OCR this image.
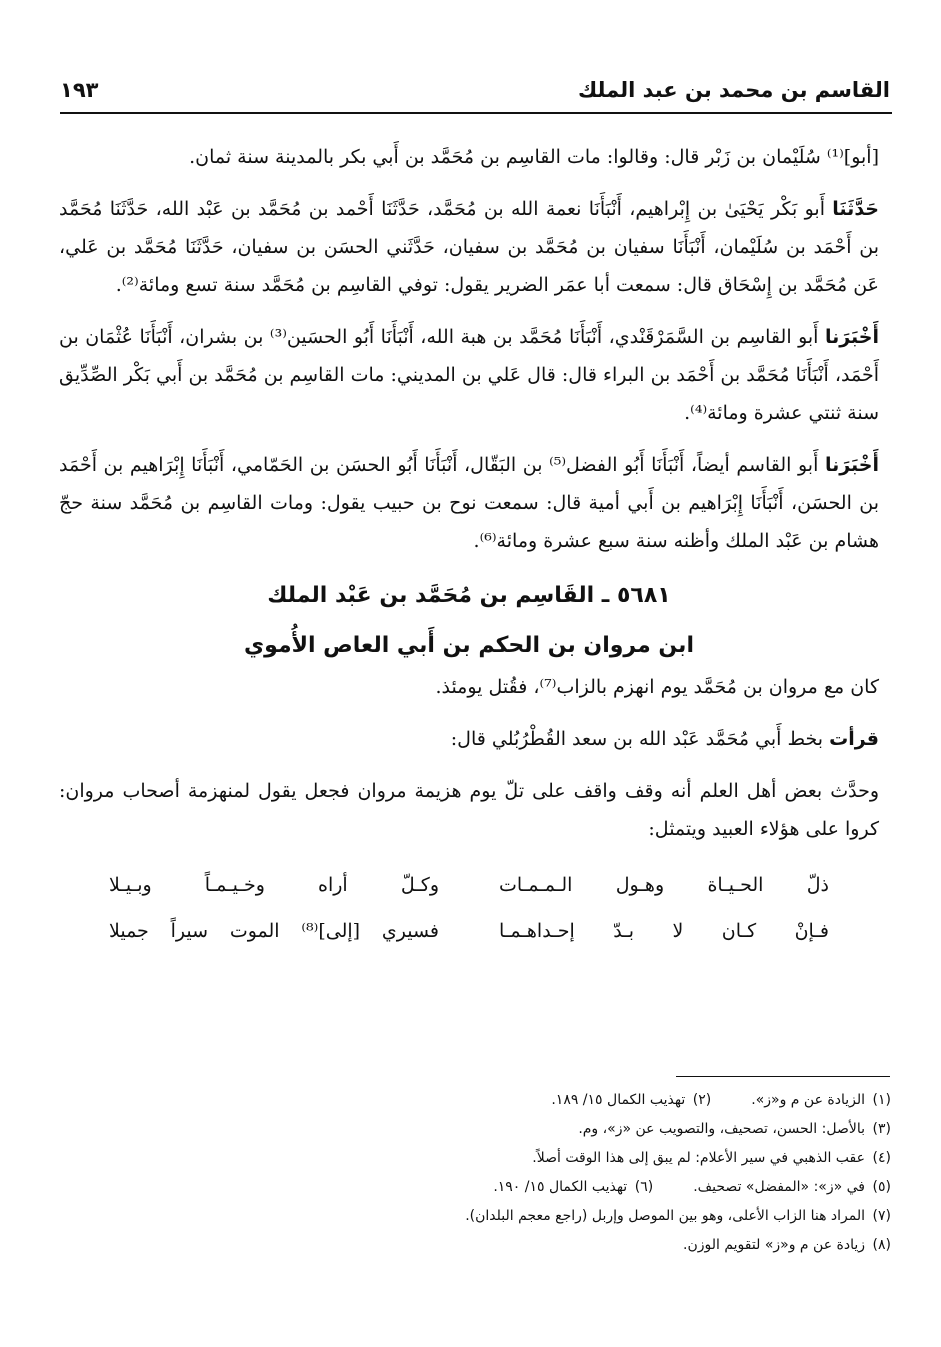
القاسم بن محمد بن عبد الملك
١٩٣

[أبو]⁽¹⁾ سُلَيْمان بن زَبْر قال: وقالوا: مات القاسِم بن مُحَمَّد بن أَبي بكر بالمدينة سنة ثمان.

حَدَّثَنَا أَبو بَكْر يَحْيَىٰ بن إِبْراهيم، أَنْبَأَنَا نعمة الله بن مُحَمَّد، حَدَّثَنَا أَحْمد بن مُحَمَّد بن عَبْد الله، حَدَّثَنَا مُحَمَّد بن أَحْمَد بن سُلَيْمان، أَنْبَأَنَا سفيان بن مُحَمَّد بن سفيان، حَدَّثَني الحسَن بن سفيان، حَدَّثَنَا مُحَمَّد بن عَلي، عَن مُحَمَّد بن إِسْحَاق قال: سمعت أبا عمَر الضرير يقول: توفي القاسِم بن مُحَمَّد سنة تسع ومائة⁽²⁾.

أَخْبَرَنا أَبو القاسِم بن السَّمَرْقَنْدي، أَنْبَأَنَا مُحَمَّد بن هبة الله، أَنْبَأَنَا أَبُو الحسَين⁽³⁾ بن بشران، أَنْبَأَنَا عُثْمَان بن أَحْمَد، أَنْبَأَنَا مُحَمَّد بن أَحْمَد بن البراء قال: قال عَلي بن المديني: مات القاسِم بن مُحَمَّد بن أَبي بَكْر الصِّدِّيق سنة ثنتي عشرة ومائة⁽⁴⁾.

أَخْبَرَنا أَبو القاسم أيضاً، أَنْبَأَنَا أَبُو الفضل⁽⁵⁾ بن البَقّال، أَنْبَأَنَا أَبُو الحسَن بن الحَمّامي، أَنْبَأَنَا إِبْرَاهيم بن أَحْمَد بن الحسَن، أَنْبَأَنَا إِبْرَاهيم بن أَبي أمية قال: سمعت نوح بن حبيب يقول: ومات القاسِم بن مُحَمَّد سنة حجّ هشام بن عَبْد الملك وأظنه سنة سبع عشرة ومائة⁽⁶⁾.

٥٦٨١ ـ القَاسِم بن مُحَمَّد بن عَبْد الملك
ابن مروان بن الحكم بن أَبي العاص الأُموي

كان مع مروان بن مُحَمَّد يوم انهزم بالزاب⁽⁷⁾، فقُتل يومئذ.

قرأت بخط أَبي مُحَمَّد عَبْد الله بن سعد القُطْرُبُلي قال:

وحدَّث بعض أهل العلم أنه وقف واقف على تلّ يوم هزيمة مروان فجعل يقول لمنهزمة أصحاب مروان: كروا على هؤلاء العبيد ويتمثل:

ذلّ الحـيـاة وهـول الـمـمـات
وكـلّ أراه وخـيـمـاً وبـيـلا
فـإنْ كـان لا بـدّ إحـداهـمـا
فسيري [إلى]⁽⁸⁾ الموت سيراً جميلا
(١)الزيادة عن م و«ز».
(٢)تهذيب الكمال ١٥/ ١٨٩.
(٣)بالأصل: الحسن، تصحيف، والتصويب عن «ز»، وم.
(٤)عقب الذهبي في سير الأعلام: لم يبق إلى هذا الوقت أصلاً.
(٥)في «ز»: «المفضل» تصحيف.
(٦)تهذيب الكمال ١٥/ ١٩٠.
(٧)المراد هنا الزاب الأعلى، وهو بين الموصل وإربل (راجع معجم البلدان).
(٨)زيادة عن م و«ز» لتقويم الوزن.
